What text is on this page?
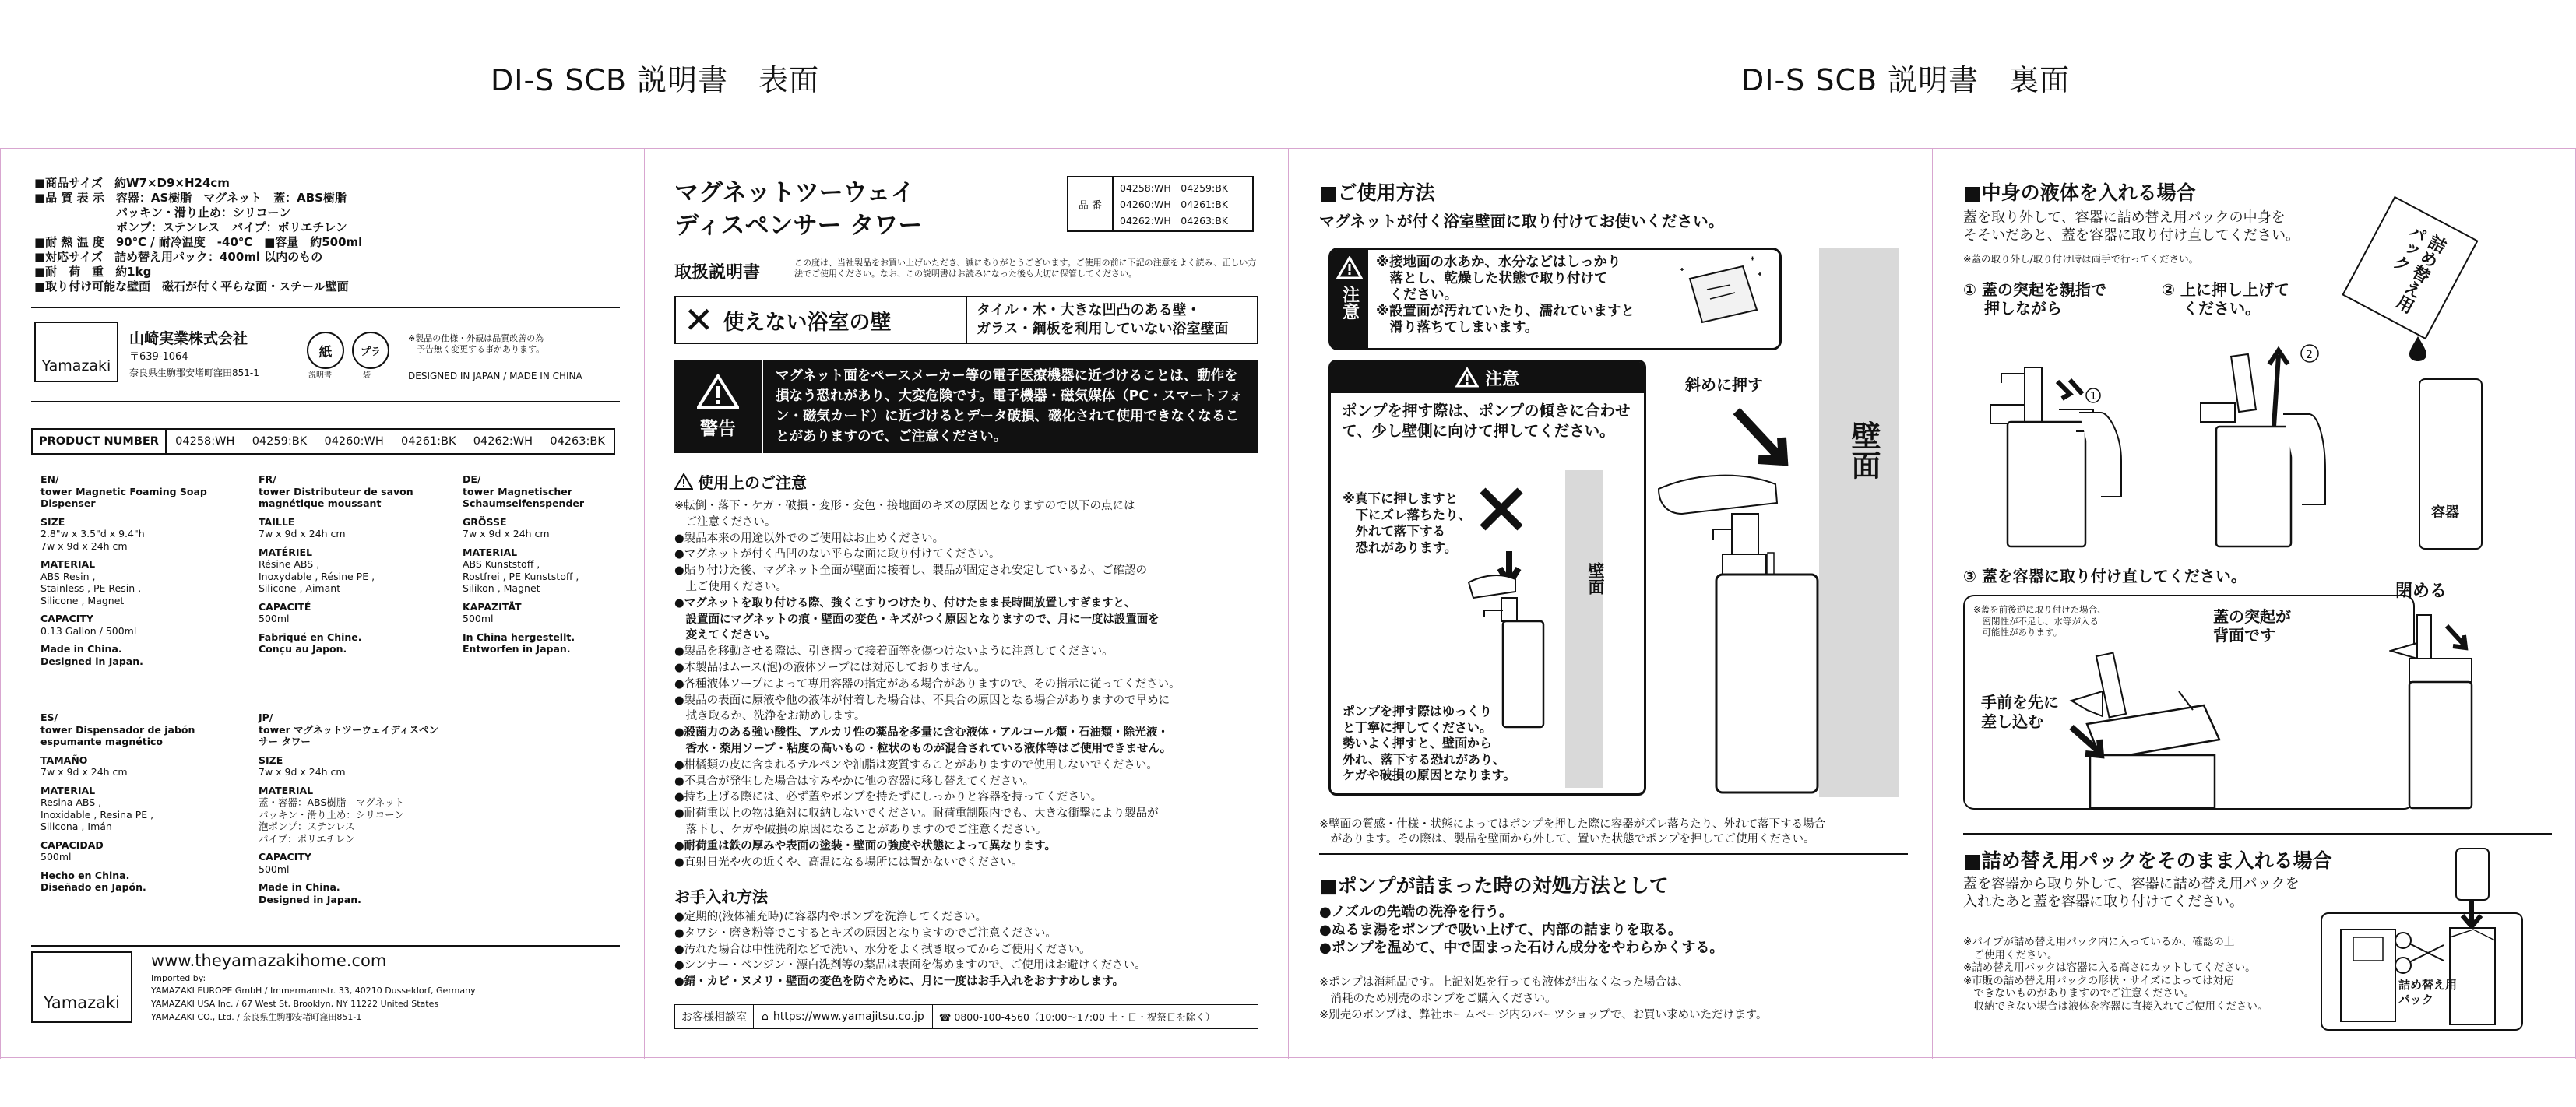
DI-S SCB 説明書　表面	DI-S SCB 説明書　裏面
■商品サイズ　約W7×D9×H24cm
■品 質 表 示　容器：AS樹脂　マグネット　蓋：ABS樹脂
　　　　　　　パッキン・滑り止め：シリコーン
　　　　　　　ポンプ：ステンレス　パイプ：ポリエチレン
■耐 熱 温 度　90℃ / 耐冷温度　-40℃　■容量　約500ml
■対応サイズ　詰め替え用パック：400ml 以内のもの
■耐　荷　重　約1kg
■取り付け可能な壁面　磁石が付く平らな面・スチール壁面
Yamazaki
山崎実業株式会社
〒639-1064
奈良県生駒郡安堵町窪田851-1
紙	プラ
説明書	袋
※製品の仕様・外観は品質改善の為
　予告無く変更する事があります。
DESIGNED IN JAPAN / MADE IN CHINA
PRODUCT NUMBER	04258:WH 04259:BK 04260:WH 04261:BK 04262:WH 04263:BK
EN/
tower Magnetic Foaming Soap Dispenser
SIZE
2.8"w x 3.5"d x 9.4"h
7w x 9d x 24h cm
MATERIAL
ABS Resin ,
Stainless , PE Resin ,
Silicone , Magnet
CAPACITY
0.13 Gallon / 500ml
Made in China.
Designed in Japan.
FR/
tower Distributeur de savon magnétique moussant
TAILLE
7w x 9d x 24h cm
MATÉRIEL
Résine ABS ,
Inoxydable , Résine PE ,
Silicone , Aimant
CAPACITÉ
500ml
Fabriqué en Chine.
Conçu au Japon.
DE/
tower Magnetischer Schaumseifenspender
GRÖSSE
7w x 9d x 24h cm
MATERIAL
ABS Kunststoff ,
Rostfrei , PE Kunststoff ,
Silikon , Magnet
KAPAZITÄT
500ml
In China hergestellt.
Entworfen in Japan.
ES/
tower Dispensador de jabón espumante magnético
TAMAÑO
7w x 9d x 24h cm
MATERIAL
Resina ABS ,
Inoxidable , Resina PE ,
Silicona , Imán
CAPACIDAD
500ml
Hecho en China.
Diseñado en Japón.
JP/
tower マグネットツーウェイディスペンサー タワー
SIZE
7w x 9d x 24h cm
MATERIAL
蓋・容器：ABS樹脂　マグネット
パッキン・滑り止め：シリコーン
泡ポンプ：ステンレス
パイプ：ポリエチレン
CAPACITY
500ml
Made in China.
Designed in Japan.
Yamazaki
www.theyamazakihome.com
Imported by:
YAMAZAKI EUROPE GmbH / Immermannstr. 33, 40210 Dusseldorf, Germany
YAMAZAKI USA Inc. / 67 West St, Brooklyn, NY 11222 United States
YAMAZAKI CO., Ltd. / 奈良県生駒郡安堵町窪田851-1
マグネットツーウェイ
ディスペンサー タワー
品 番
04258:WH　04259:BK
04260:WH　04261:BK
04262:WH　04263:BK
取扱説明書
この度は、当社製品をお買い上げいただき、誠にありがとうございます。ご使用の前に下記の注意をよく読み、正しい方法でご使用ください。なお、この説明書はお読みになった後も大切に保管してください。
✕ 使えない浴室の壁	タイル・木・大きな凹凸のある壁・
ガラス・鋼板を利用していない浴室壁面
警告
マグネット面をペースメーカー等の電子医療機器に近づけることは、動作を損なう恐れがあり、大変危険です。電子機器・磁気媒体（PC・スマートフォン・磁気カード）に近づけるとデータ破損、磁化されて使用できなくなることがありますので、ご注意ください。
使用上のご注意
※転倒・落下・ケガ・破損・変形・変色・接地面のキズの原因となりますので以下の点には
　ご注意ください。
●製品本来の用途以外でのご使用はお止めください。
●マグネットが付く凸凹のない平らな面に取り付けてください。
●貼り付けた後、マグネット全面が壁面に接着し、製品が固定され安定しているか、ご確認の
　上ご使用ください。
●マグネットを取り付ける際、強くこすりつけたり、付けたまま長時間放置しすぎますと、
　設置面にマグネットの痕・壁面の変色・キズがつく原因となりますので、月に一度は設置面を
　変えてください。
●製品を移動させる際は、引き摺って接着面等を傷つけないように注意してください。
●本製品はムース(泡)の液体ソープには対応しておりません。
●各種液体ソープによって専用容器の指定がある場合がありますので、その指示に従ってください。
●製品の表面に原液や他の液体が付着した場合は、不具合の原因となる場合がありますので早めに
　拭き取るか、洗浄をお勧めします。
●殺菌力のある強い酸性、アルカリ性の薬品を多量に含む液体・アルコール類・石油類・除光液・
　香水・薬用ソープ・粘度の高いもの・粒状のものが混合されている液体等はご使用できません。
●柑橘類の皮に含まれるテルペンや油脂は変質することがありますので使用しないでください。
●不具合が発生した場合はすみやかに他の容器に移し替えてください。
●持ち上げる際には、必ず蓋やポンプを持たずにしっかりと容器を持ってください。
●耐荷重以上の物は絶対に収納しないでください。耐荷重制限内でも、大きな衝撃により製品が
　落下し、ケガや破損の原因になることがありますのでご注意ください。
●耐荷重は鉄の厚みや表面の塗装・壁面の強度や状態によって異なります。
●直射日光や火の近くや、高温になる場所には置かないでください。
お手入れ方法
●定期的(液体補充時)に容器内やポンプを洗浄してください。
●タワシ・磨き粉等でこするとキズの原因となりますのでご注意ください。
●汚れた場合は中性洗剤などで洗い、水分をよく拭き取ってからご使用ください。
●シンナー・ベンジン・漂白洗剤等の薬品は表面を傷めますので、ご使用はお避けください。
●錆・カビ・ヌメリ・壁面の変色を防ぐために、月に一度はお手入れをおすすめします。
お客様相談室	⌂ https://www.yamajitsu.co.jp ☎ 0800-100-4560（10:00〜17:00 土・日・祝祭日を除く）
■ご使用方法
マグネットが付く浴室壁面に取り付けてお使いください。
注意
※接地面の水あか、水分などはしっかり
　落とし、乾燥した状態で取り付けて
　ください。
※設置面が汚れていたり、濡れていますと
　滑り落ちてしまいます。
注意
ポンプを押す際は、ポンプの傾きに合わせて、少し壁側に向けて押してください。
※真下に押しますと
　下にズレ落ちたり、
　外れて落下する
　恐れがあります。
ポンプを押す際はゆっくり
と丁寧に押してください。
勢いよく押すと、壁面から
外れ、落下する恐れがあり、
ケガや破損の原因となります。
壁面
斜めに押す
壁面
※壁面の質感・仕様・状態によってはポンプを押した際に容器がズレ落ちたり、外れて落下する場合
　があります。その際は、製品を壁面から外して、置いた状態でポンプを押してご使用ください。
■ポンプが詰まった時の対処方法として
●ノズルの先端の洗浄を行う。
●ぬるま湯をポンプで吸い上げて、内部の詰まりを取る。
●ポンプを温めて、中で固まった石けん成分をやわらかくする。
※ポンプは消耗品です。上記対処を行っても液体が出なくなった場合は、
　消耗のため別売のポンプをご購入ください。
※別売のポンプは、弊社ホームページ内のパーツショップで、お買い求めいただけます。
■中身の液体を入れる場合
蓋を取り外して、容器に詰め替え用パックの中身を
そそいだあと、蓋を容器に取り付け直してください。
※蓋の取り外し/取り付け時は両手で行ってください。
① 蓋の突起を親指で
　 押しながら
② 上に押し上げて
　 ください。	詰め替え用
パック
容器
1
2
③ 蓋を容器に取り付け直してください。
※蓋を前後逆に取り付けた場合、
　密閉性が不足し、水等が入る
　可能性があります。
蓋の突起が
背面です
手前を先に
差し込む
閉める
■詰め替え用パックをそのまま入れる場合
蓋を容器から取り外して、容器に詰め替え用パックを
入れたあと蓋を容器に取り付けてください。
※パイプが詰め替え用パック内に入っているか、確認の上
　ご使用ください。
※詰め替え用パックは容器に入る高さにカットしてください。
※市販の詰め替え用パックの形状・サイズによっては対応
　できないものがありますのでご注意ください。
　収納できない場合は液体を容器に直接入れてご使用ください。
詰め替え用
パック
